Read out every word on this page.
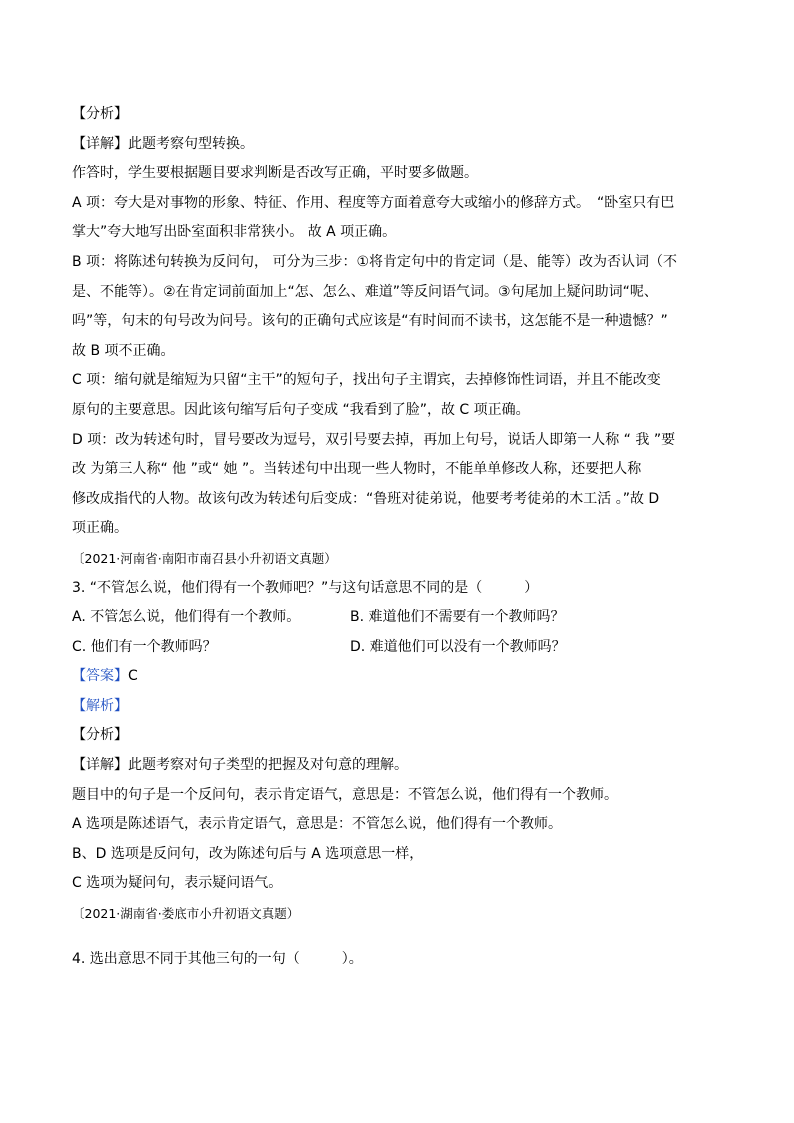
【分析】
【详解】此题考察句型转换。
作答时，学生要根据题目要求判断是否改写正确，平时要多做题。
A 项：夸大是对事物的形象、特征、作用、程度等方面着意夸大或缩小的修辞方式。　“卧室只有巴
掌大”夸大地写出卧室面积非常狭小。 故 A 项正确。
B 项：将陈述句转换为反问句， 可分为三步：①将肯定句中的肯定词（是、能等）改为否认词（不
是、不能等）。②在肯定词前面加上“怎、怎么、难道”等反问语气词。③句尾加上疑问助词“呢、
吗”等，句末的句号改为问号。该句的正确句式应该是“有时间而不读书，这怎能不是一种遗憾？”
故 B 项不正确。
C 项：缩句就是缩短为只留“主干”的短句子，找出句子主谓宾，去掉修饰性词语，并且不能改变
原句的主要意思。因此该句缩写后句子变成 “我看到了脸”，故 C 项正确。
D 项：改为转述句时，冒号要改为逗号，双引号要去掉，再加上句号，说话人即第一人称 “ 我 ”要
改 为第三人称“ 他 ”或“ 她 ”。当转述句中出现一些人物时，不能单单修改人称，还要把人称
修改成指代的人物。故该句改为转述句后变成：“鲁班对徒弟说，他要考考徒弟的木工活 。”故 D
项正确。
〔2021·河南省·南阳市南召县小升初语文真题）
3. “不管怎么说，他们得有一个教师吧？”与这句话意思不同的是（　　　）
A. 不管怎么说，他们得有一个教师。	B. 难道他们不需要有一个教师吗？
C. 他们有一个教师吗？	D. 难道他们可以没有一个教师吗？
【答案】C
【解析】
【分析】
【详解】此题考察对句子类型的把握及对句意的理解。
题目中的句子是一个反问句，表示肯定语气，意思是：不管怎么说，他们得有一个教师。
A 选项是陈述语气，表示肯定语气，意思是：不管怎么说，他们得有一个教师。
B、D 选项是反问句，改为陈述句后与 A 选项意思一样，
C 选项为疑问句，表示疑问语气。
〔2021·湖南省·娄底市小升初语文真题）
4. 选出意思不同于其他三句的一句（　　　）。
